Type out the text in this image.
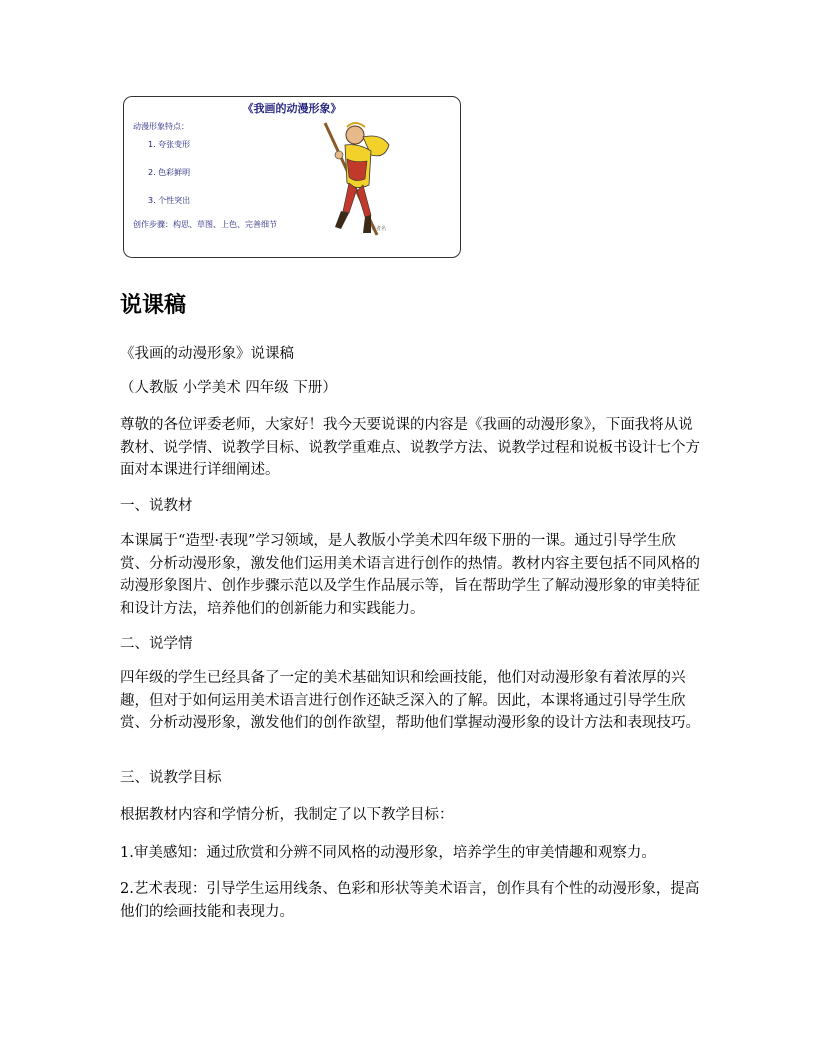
《我画的动漫形象》
动漫形象特点：
1. 夸张变形
2. 色彩鲜明
3. 个性突出
创作步骤：构思、草图、上色、完善细节	作者名
说课稿

《我画的动漫形象》说课稿

（人教版 小学美术 四年级 下册）

尊敬的各位评委老师，大家好！我今天要说课的内容是《我画的动漫形象》，下面我将从说教材、说学情、说教学目标、说教学重难点、说教学方法、说教学过程和说板书设计七个方面对本课进行详细阐述。

一、说教材

本课属于“造型·表现”学习领域，是人教版小学美术四年级下册的一课。通过引导学生欣赏、分析动漫形象，激发他们运用美术语言进行创作的热情。教材内容主要包括不同风格的动漫形象图片、创作步骤示范以及学生作品展示等，旨在帮助学生了解动漫形象的审美特征和设计方法，培养他们的创新能力和实践能力。

二、说学情

四年级的学生已经具备了一定的美术基础知识和绘画技能，他们对动漫形象有着浓厚的兴趣，但对于如何运用美术语言进行创作还缺乏深入的了解。因此，本课将通过引导学生欣赏、分析动漫形象，激发他们的创作欲望，帮助他们掌握动漫形象的设计方法和表现技巧。

三、说教学目标

根据教材内容和学情分析，我制定了以下教学目标：

1.审美感知：通过欣赏和分辨不同风格的动漫形象，培养学生的审美情趣和观察力。

2.艺术表现：引导学生运用线条、色彩和形状等美术语言，创作具有个性的动漫形象，提高他们的绘画技能和表现力。
